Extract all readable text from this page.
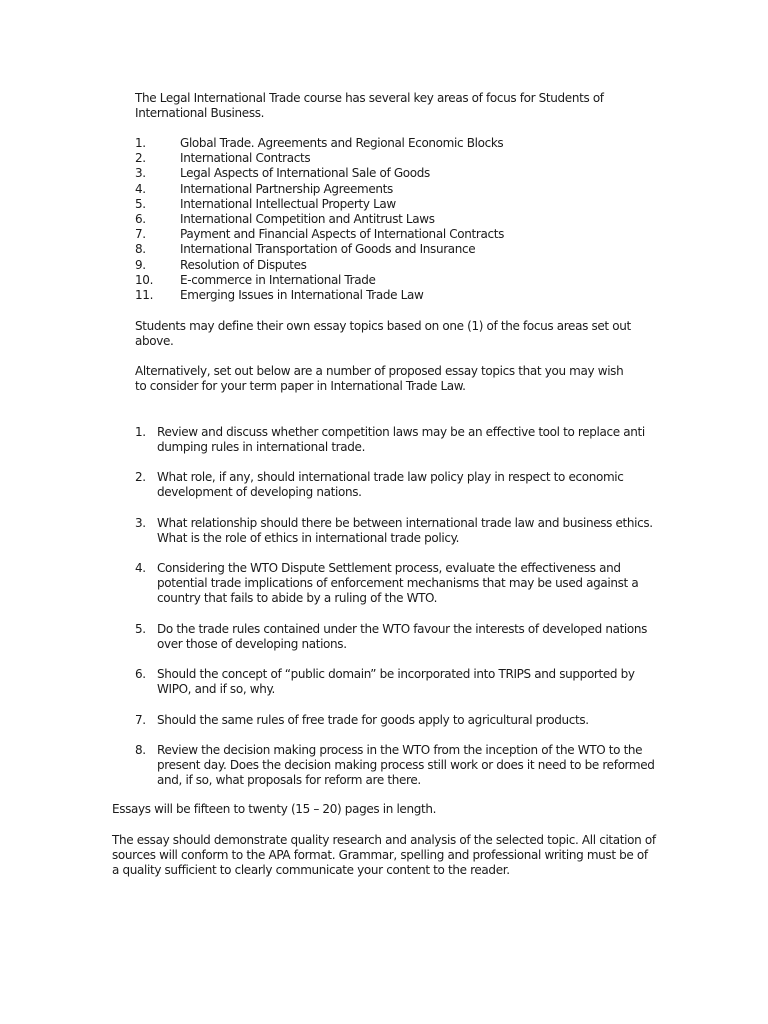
The Legal International Trade course has several key areas of focus for Students of International Business.
1.	Global Trade. Agreements and Regional Economic Blocks
2.	International Contracts
3.	Legal Aspects of International Sale of Goods
4.	International Partnership Agreements
5.	International Intellectual Property Law
6.	International Competition and Antitrust Laws
7.	Payment and Financial Aspects of International Contracts
8.	International Transportation of Goods and Insurance
9.	Resolution of Disputes
10.	E-commerce in International Trade
11.	Emerging Issues in International Trade Law
Students may define their own essay topics based on one (1) of the focus areas set out above.
Alternatively, set out below are a number of proposed essay topics that you may wish to consider for your term paper in International Trade Law.
1. Review and discuss whether competition laws may be an effective tool to replace anti dumping rules in international trade.
2. What role, if any, should international trade law policy play in respect to economic development of developing nations.
3. What relationship should there be between international trade law and business ethics. What is the role of ethics in international trade policy.
4. Considering the WTO Dispute Settlement process, evaluate the effectiveness and potential trade implications of enforcement mechanisms that may be used against a country that fails to abide by a ruling of the WTO.
5. Do the trade rules contained under the WTO favour the interests of developed nations over those of developing nations.
6. Should the concept of “public domain” be incorporated into TRIPS and supported by WIPO, and if so, why.
7. Should the same rules of free trade for goods apply to agricultural products.
8. Review the decision making process in the WTO from the inception of the WTO to the present day. Does the decision making process still work or does it need to be reformed and, if so, what proposals for reform are there.
Essays will be fifteen to twenty (15 – 20) pages in length.
The essay should demonstrate quality research and analysis of the selected topic. All citation of sources will conform to the APA format. Grammar, spelling and professional writing must be of a quality sufficient to clearly communicate your content to the reader.
